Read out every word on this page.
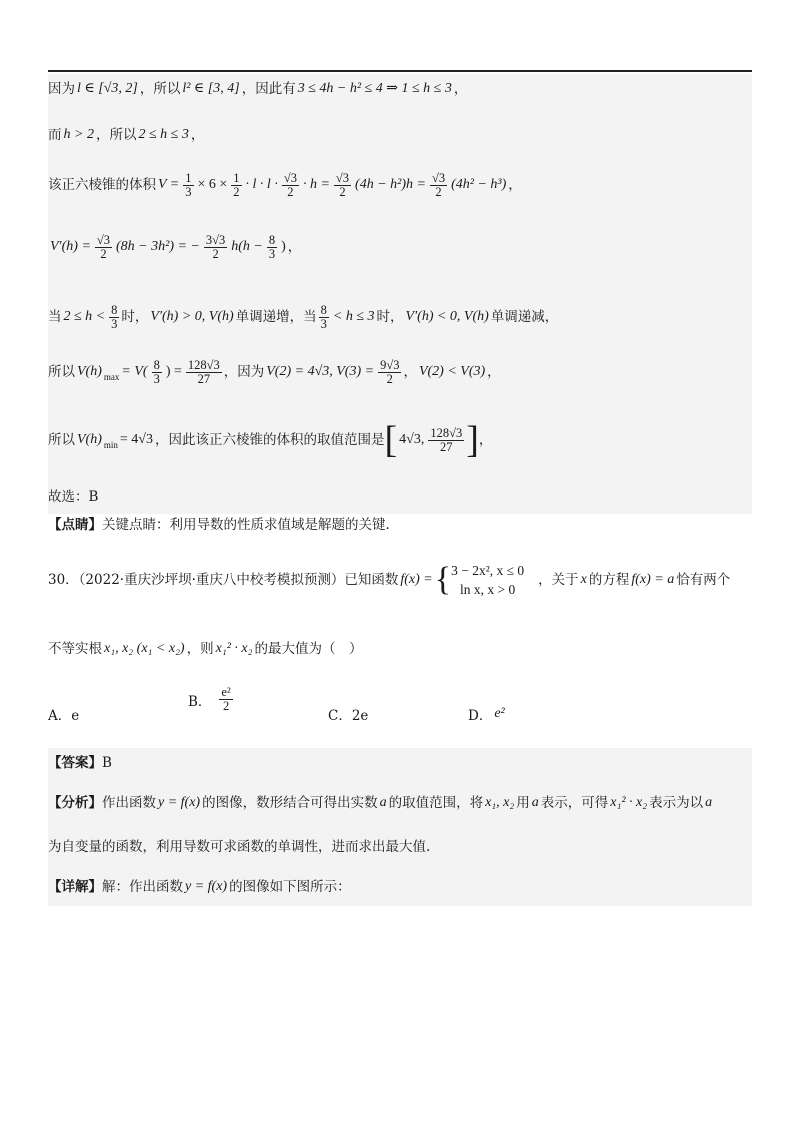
因为 l ∈ [√3, 2] ，所以 l² ∈ [3, 4] ，因此有 3 ≤ 4h − h² ≤ 4 ⇒ 1 ≤ h ≤ 3 ，
而 h > 2 ，所以 2 ≤ h ≤ 3 ，
该正六棱锥的体积 $V = \frac{1}{3} \times 6 \times \frac{1}{2} \cdot l \cdot l \cdot \frac{√3}{2} \cdot h = \frac{√3}{2} (4h - h^2)h = \frac{√3}{2} (4h^2 - h^3)$ ，
$V'(h) = \frac{√3}{2} (8h - 3h^2)$ = − $\frac{3√3}{2} h(h - \frac{8}{3}$ ) ，
当 $2 \le h < \frac{8}{3}$ 时， V′(h) > 0, V(h) 单调递增，当 $\frac{8}{3} < h \le 3$ 时， V′(h) < 0, V(h) 单调递减，
所以 V(h) $\max = V( \frac{8}{3}$ ) = $\frac{128√3}{27}$ ，因为 V(2) = 4√3, $V(3) = \frac{9√3}{2}$ ， V(2) < V(3) ，
所以 V(h) min = 4√3 ，因此该正六棱锥的体积的取值范围是 [ 4√3, $\frac{128√3}{27}$ ] ，
故选：B
【点睛】 关键点睛：利用导数的性质求值域是解题的关键.
30．（2022·重庆沙坪坝·重庆八中校考模拟预测）已知函数 f(x) = { 3 − 2x², x ≤ 0
ln x, x > 0
，关于 x 的方程 f(x) = a 恰有两个
不等实根 x₁, x₂ (x₁ < x₂) ，则 x₁² · x₂ 的最大值为（　）
A．e
B． $\frac{\text{e²}}{2}$
C．2e	D． e²
【答案】 B
【分析】 作出函数 y = f(x) 的图像，数形结合可得出实数 a 的取值范围，将 x₁, x₂ 用 a 表示，可得 x₁² · x₂ 表示为以 a
为自变量的函数，利用导数可求函数的单调性，进而求出最大值.
【详解】 解：作出函数 y = f(x) 的图像如下图所示：
